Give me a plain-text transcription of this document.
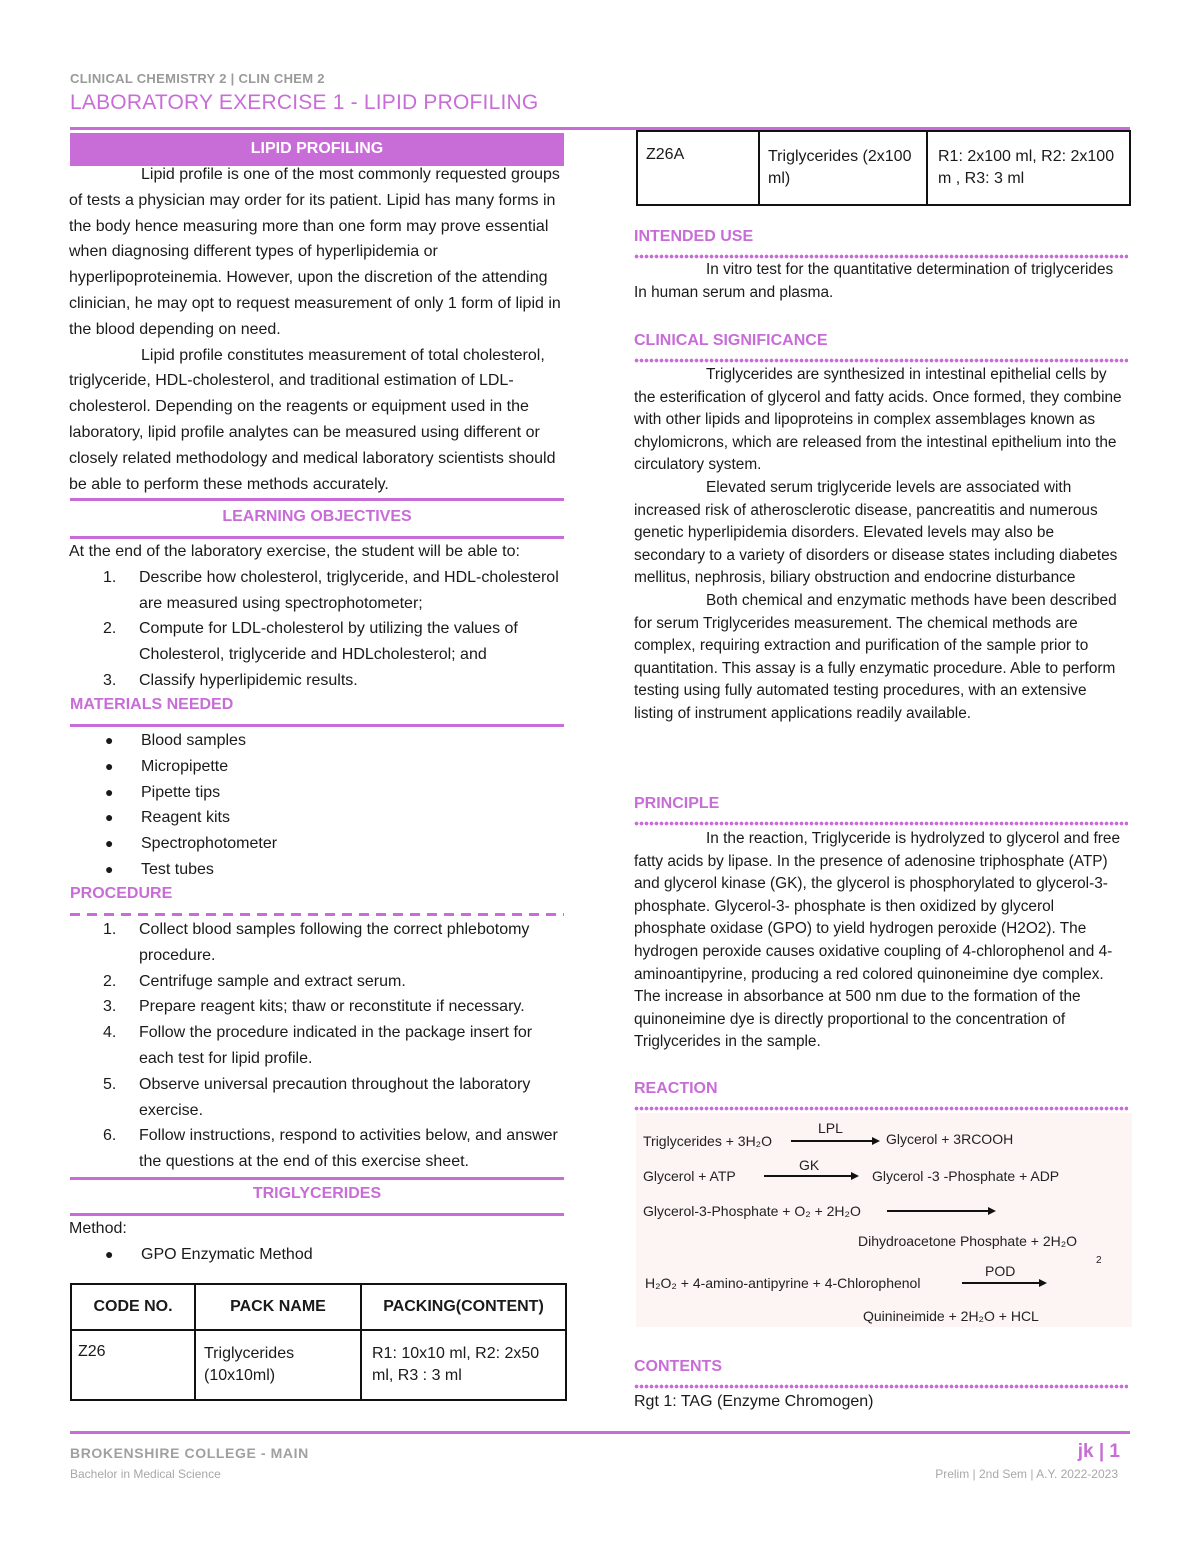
CLINICAL CHEMISTRY 2 | CLIN CHEM 2
LABORATORY EXERCISE 1 - LIPID PROFILING
LIPID PROFILING

Lipid profile is one of the most commonly requested groups of tests a physician may order for its patient. Lipid has many forms in the body hence measuring more than one form may prove essential when diagnosing different types of hyperlipidemia or hyperlipoproteinemia. However, upon the discretion of the attending clinician, he may opt to request measurement of only 1 form of lipid in the blood depending on need.

Lipid profile constitutes measurement of total cholesterol, triglyceride, HDL-cholesterol, and traditional estimation of LDL-cholesterol. Depending on the reagents or equipment used in the laboratory, lipid profile analytes can be measured using different or closely related methodology and medical laboratory scientists should be able to perform these methods accurately.

LEARNING OBJECTIVES

At the end of the laboratory exercise, the student will be able to:

1.	Describe how cholesterol, triglyceride, and HDL-cholesterol are measured using spectrophotometer;
2.	Compute for LDL-cholesterol by utilizing the values of Cholesterol, triglyceride and HDLcholesterol; and
3.	Classify hyperlipidemic results.
MATERIALS NEEDED
●	Blood samples
●	Micropipette
●	Pipette tips
●	Reagent kits
●	Spectrophotometer
●	Test tubes
PROCEDURE
1.	Collect blood samples following the correct phlebotomy procedure.
2.	Centrifuge sample and extract serum.
3.	Prepare reagent kits; thaw or reconstitute if necessary.
4.	Follow the procedure indicated in the package insert for each test for lipid profile.
5.	Observe universal precaution throughout the laboratory exercise.
6.	Follow instructions, respond to activities below, and answer the questions at the end of this exercise sheet.
TRIGLYCERIDES

Method:

●	GPO Enzymatic Method
CODE NO.	PACK NAME	PACKING(CONTENT)
Z26	Triglycerides (10x10ml)	R1: 10x10 ml, R2: 2x50 ml, R3 : 3 ml
Z26A	Triglycerides (2x100 ml)	R1: 2x100 ml, R2: 2x100 m , R3: 3 ml
INTENDED USE

In vitro test for the quantitative determination of triglycerides In human serum and plasma.

CLINICAL SIGNIFICANCE

Triglycerides are synthesized in intestinal epithelial cells by the esterification of glycerol and fatty acids. Once formed, they combine with other lipids and lipoproteins in complex assemblages known as chylomicrons, which are released from the intestinal epithelium into the circulatory system.

Elevated serum triglyceride levels are associated with increased risk of atherosclerotic disease, pancreatitis and numerous genetic hyperlipidemia disorders. Elevated levels may also be secondary to a variety of disorders or disease states including diabetes mellitus, nephrosis, biliary obstruction and endocrine disturbance

Both chemical and enzymatic methods have been described for serum Triglycerides measurement. The chemical methods are complex, requiring extraction and purification of the sample prior to quantitation. This assay is a fully enzymatic procedure. Able to perform testing using fully automated testing procedures, with an extensive listing of instrument applications readily available.

PRINCIPLE

In the reaction, Triglyceride is hydrolyzed to glycerol and free fatty acids by lipase. In the presence of adenosine triphosphate (ATP) and glycerol kinase (GK), the glycerol is phosphorylated to glycerol-3-phosphate. Glycerol-3- phosphate is then oxidized by glycerol phosphate oxidase (GPO) to yield hydrogen peroxide (H2O2). The hydrogen peroxide causes oxidative coupling of 4-chlorophenol and 4- aminoantipyrine, producing a red colored quinoneimine dye complex. The increase in absorbance at 500 nm due to the formation of the quinoneimine dye is directly proportional to the concentration of Triglycerides in the sample.

REACTION
Triglycerides + 3H₂O
LPL
Glycerol + 3RCOOH
Glycerol + ATP
GK
Glycerol -3 -Phosphate + ADP
Glycerol-3-Phosphate + O₂ + 2H₂O
Dihydroacetone Phosphate + 2H₂O
2
H₂O₂ + 4-amino-antipyrine + 4-Chlorophenol
POD
Quinineimide + 2H₂O + HCL
CONTENTS
Rgt 1: TAG (Enzyme Chromogen)
BROKENSHIRE COLLEGE - MAIN
Bachelor in Medical Science
jk | 1
Prelim | 2nd Sem | A.Y. 2022-2023
